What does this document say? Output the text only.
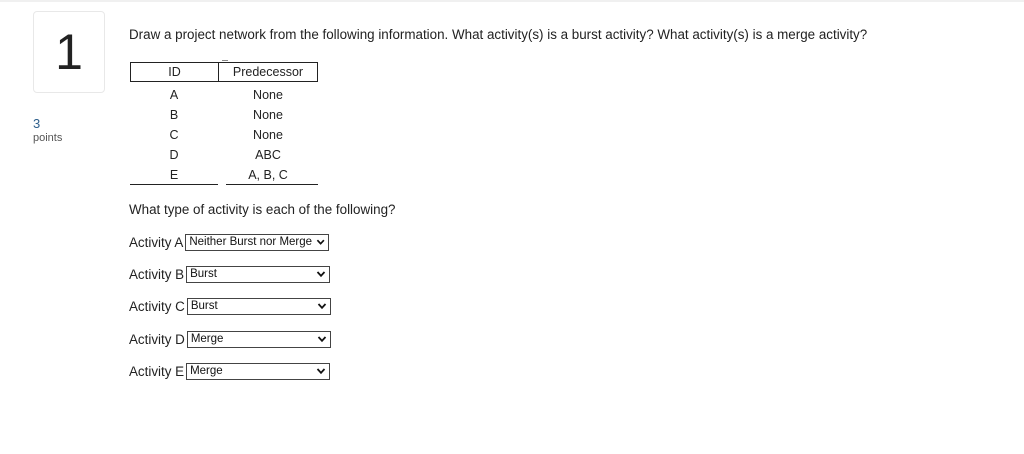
1
3
points
Draw a project network from the following information. What activity(s) is a burst activity? What activity(s) is a merge activity?
ID	Predecessor
A	None
B	None
C	None
D	ABC
E	A, B, C
What type of activity is each of the following?
Activity A Neither Burst nor Merge
Activity B Burst
Activity C Burst
Activity D Merge
Activity E Merge
